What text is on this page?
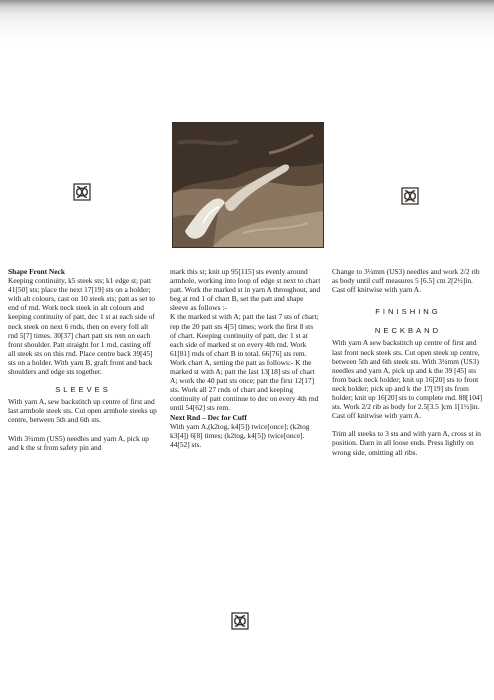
Shape Front Neck

Keeping continuity, k5 steek sts; k1 edge st; patt 41[50] sts; place the next 17[19] sts on a holder; with alt colours, cast on 10 steek sts; patt as set to end of rnd. Work neck steek in alt colours and keeping continuity of patt, dec 1 st at each side of neck steek on next 6 rnds, then on every foll alt rnd 5[7] times. 30[37] chart patt sts rem on each front shoulder. Patt straight for 1 rnd, casting off all steek sts on this rnd. Place centre back 39[45] sts on a holder. With yarn B, graft front and back shoulders and edge sts together.

SLEEVES

With yarn A, sew backstitch up centre of first and last armhole steek sts. Cut open armhole steeks up centre, between 5th and 6th sts.

With 3¼mm (US5) needles and yarn A, pick up and k the st from safety pin and

mark this st; knit up 95[115] sts evenly around armhole, working into loop of edge st next to chart patt. Work the marked st in yarn A throughout, and beg at rnd 1 of chart B, set the patt and shape sleeve as follows :-

K the marked st with A; patt the last 7 sts of chart; rep the 20 patt sts 4[5] times; work the first 8 sts of chart. Keeping continuity of patt, dec 1 st at each side of marked st on every 4th rnd. Work 61[81] rnds of chart B in total. 66[76] sts rem. Work chart A, setting the patt as follows:- K the marked st with A; patt the last 13[18] sts of chart A; work the 40 patt sts once; patt the first 12[17] sts. Work all 27 rnds of chart and keeping continuity of patt continue to dec on every 4th rnd until 54[62] sts rem.

Next Rnd – Dec for Cuff

With yarn A,(k2tog, k4[5]) twice[once]; (k2tog k3[4]) 6[8] times; (k2tog, k4[5]) twice[once]. 44[52] sts.

Change to 3¼mm (US3) needles and work 2/2 rib as body until cuff measures 5 [6.5] cm 2[2½]in. Cast off knitwise with yarn A.

FINISHING
NECKBAND

With yarn A sew backstitch up centre of first and last front neck steek sts. Cut open steek up centre, between 5th and 6th steek sts. With 3¼mm (US3) needles and yarn A, pick up and k the 39 [45] sts from back neck holder; knit up 16[20] sts to front neck holder; pick up and k the 17[19] sts from holder; knit up 16[20] sts to complete rnd. 88[104] sts. Work 2/2 rib as body for 2.5[3.5 ]cm 1[1½]in. Cast off knitwise with yarn A.

Trim all steeks to 3 sts and with yarn A, cross st in position. Darn in all loose ends. Press lightly on wrong side, omitting all ribs.
